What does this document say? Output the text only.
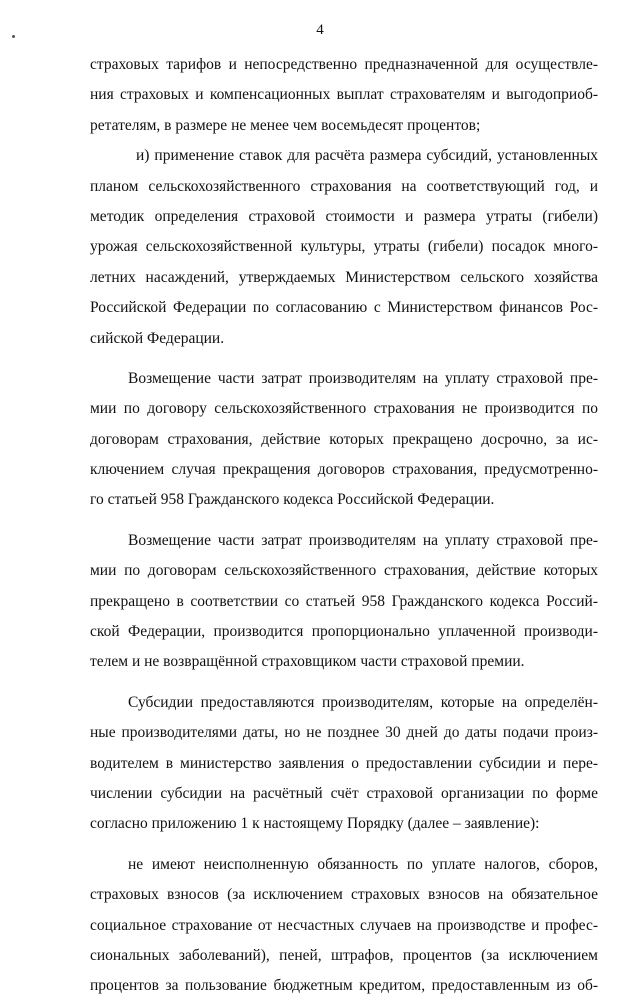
4
страховых тарифов и непосредственно предназначенной для осуществле-
ния страховых и компенсационных выплат страхователям и выгодоприоб-
ретателям, в размере не менее чем восемьдесят процентов;
и) применение ставок для расчёта размера субсидий, установленных
планом сельскохозяйственного страхования на соответствующий год, и
методик определения страховой стоимости и размера утраты (гибели)
урожая сельскохозяйственной культуры, утраты (гибели) посадок много-
летних насаждений, утверждаемых Министерством сельского хозяйства
Российской Федерации по согласованию с Министерством финансов Рос-
сийской Федерации.
Возмещение части затрат производителям на уплату страховой пре-
мии по договору сельскохозяйственного страхования не производится по
договорам страхования, действие которых прекращено досрочно, за ис-
ключением случая прекращения договоров страхования, предусмотренно-
го статьей 958 Гражданского кодекса Российской Федерации.
Возмещение части затрат производителям на уплату страховой пре-
мии по договорам сельскохозяйственного страхования, действие которых
прекращено в соответствии со статьей 958 Гражданского кодекса Россий-
ской Федерации, производится пропорционально уплаченной производи-
телем и не возвращённой страховщиком части страховой премии.
Субсидии предоставляются производителям, которые на определён-
ные производителями даты, но не позднее 30 дней до даты подачи произ-
водителем в министерство заявления о предоставлении субсидии и пере-
числении субсидии на расчётный счёт страховой организации по форме
согласно приложению 1 к настоящему Порядку (далее – заявление):
не имеют неисполненную обязанность по уплате налогов, сборов,
страховых взносов (за исключением страховых взносов на обязательное
социальное страхование от несчастных случаев на производстве и профес-
сиональных заболеваний), пеней, штрафов, процентов (за исключением
процентов за пользование бюджетным кредитом, предоставленным из об-
